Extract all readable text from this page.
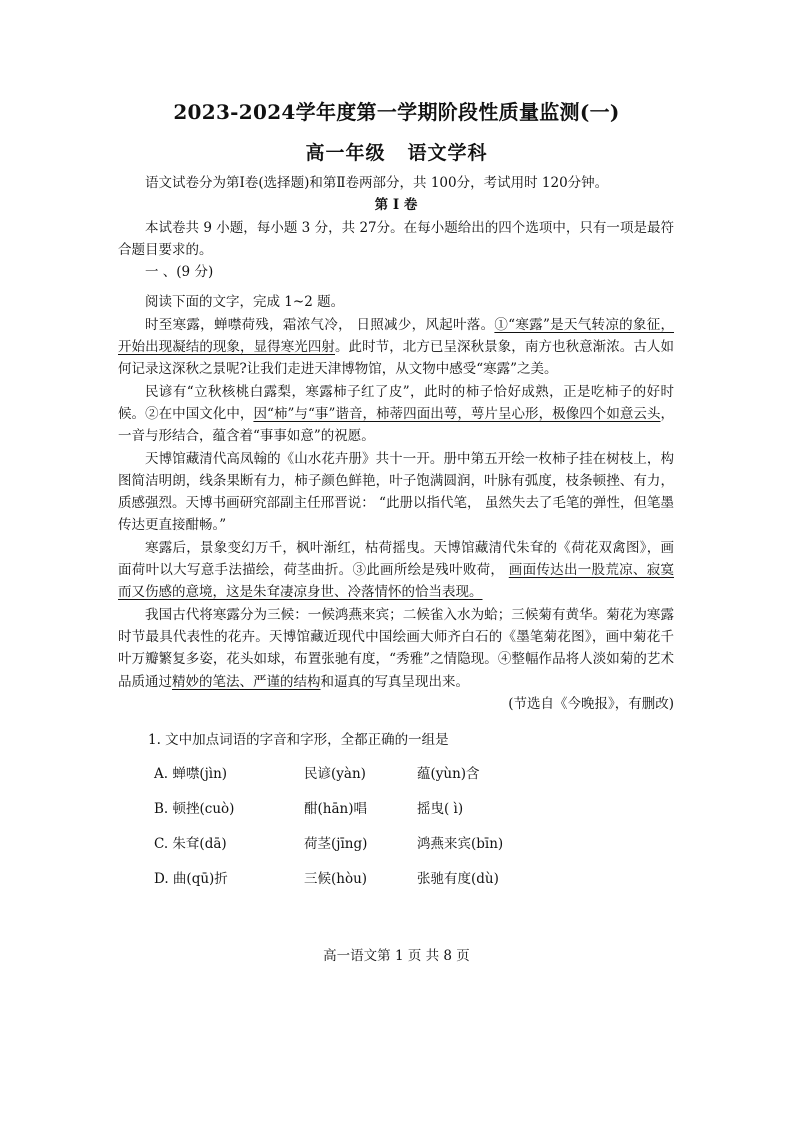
2023-2024学年度第一学期阶段性质量监测(一)
高一年级 语文学科

语文试卷分为第Ⅰ卷(选择题)和第Ⅱ卷两部分，共 100分，考试用时 120分钟。

第 Ⅰ 卷

本试卷共 9 小题，每小题 3 分，共 27分。在每小题给出的四个选项中，只有一项是最符合题目要求的。

一 、(9 分)

阅读下面的文字，完成 1~2 题。

时至寒露，蝉噤荷残，霜浓气冷， 日照减少，风起叶落。①“寒露”是天气转凉的象征，开始出现凝结的现象，显得寒光四射。此时节，北方已呈深秋景象，南方也秋意渐浓。古人如何记录这深秋之景呢?让我们走进天津博物馆，从文物中感受“寒露”之美。

民谚有“立秋核桃白露梨，寒露柿子红了皮”，此时的柿子恰好成熟，正是吃柿子的好时候。②在中国文化中，因“柿”与“事”谐音，柿蒂四面出萼，萼片呈心形，极像四个如意云头，一音与形结合，蕴含着“事事如意”的祝愿。

天博馆藏清代高凤翰的《山水花卉册》共十一开。册中第五开绘一枚柿子挂在树枝上，构图简洁明朗，线条果断有力，柿子颜色鲜艳，叶子饱满圆润，叶脉有弧度，枝条顿挫、有力，质感强烈。天博书画研究部副主任邢晋说： “此册以指代笔， 虽然失去了毛笔的弹性，但笔墨传达更直接酣畅。”

寒露后，景象变幻万千，枫叶渐红，枯荷摇曳。天博馆藏清代朱耷的《荷花双禽图》，画面荷叶以大写意手法描绘，荷茎曲折。③此画所绘是残叶败荷， 画面传达出一股荒凉、寂寞而又伤感的意境，这是朱耷凄凉身世、冷落情怀的恰当表现。

我国古代将寒露分为三候：一候鸿燕来宾；二候雀入水为蛤；三候菊有黄华。菊花为寒露时节最具代表性的花卉。天博馆藏近现代中国绘画大师齐白石的《墨笔菊花图》，画中菊花千叶万瓣繁复多姿，花头如球，布置张驰有度，“秀雅”之情隐现。④整幅作品将人淡如菊的艺术品质通过精妙的笔法、严谨的结构和逼真的写真呈现出来。

(节选自《今晚报》，有删改)

1. 文中加点词语的字音和字形，全都正确的一组是

A. 蝉噤(jìn)	民谚(yàn)	蕴(yùn)含
B. 顿挫(cuò)	酣(hān)唱	摇曳( ì)
C. 朱耷(dā)	荷茎(jīng)	鸿燕来宾(bīn)
D. 曲(qū)折	三候(hòu)	张驰有度(dù)
高一语文第 1 页 共 8 页
